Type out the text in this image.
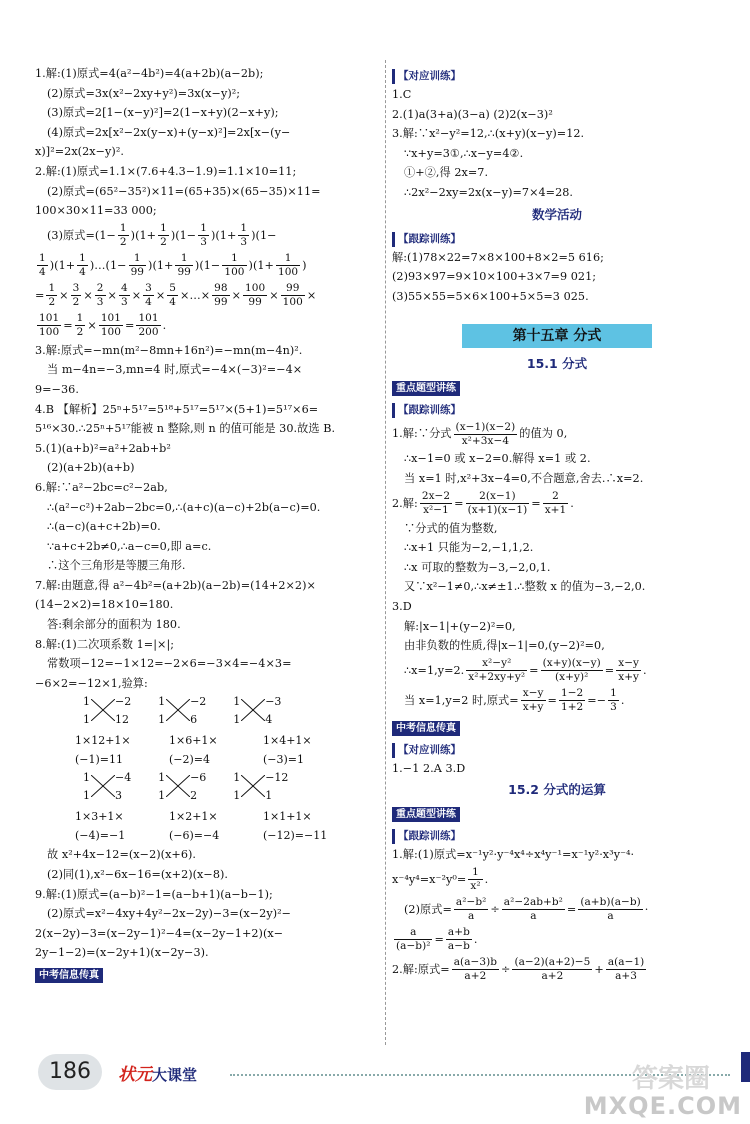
1.解:(1)原式=4(a²−4b²)=4(a+2b)(a−2b);
(2)原式=3x(x²−2xy+y²)=3x(x−y)²;
(3)原式=2[1−(x−y)²]=2(1−x+y)(2−x+y);
(4)原式=2x[x²−2x(y−x)+(y−x)²]=2x[x−(y−
x)]²=2x(2x−y)².
2.解:(1)原式=1.1×(7.6+4.3−1.9)=1.1×10=11;
(2)原式=(65²−35²)×11=(65+35)×(65−35)×11=
100×30×11=33 000;
(3)原式$=(1- \frac{1}{2} )(1+ \frac{1}{2} )(1- \frac{1}{3} )(1+ \frac{1}{3} )(1-$
$\frac{1}{4} )(1+ \frac{1}{4}$ )…(1− $\frac{1}{99} )(1+ \frac{1}{99} )(1- \frac{1}{100} )(1+ \frac{1}{100}$ )
= $\frac{1}{2} \times \frac{3}{2} \times \frac{2}{3} \times \frac{4}{3} \times \frac{3}{4} \times \frac{5}{4}$ ×…× $\frac{98}{99} \times \frac{100}{99} \times \frac{99}{100}$ ×
$\frac{101}{100} = \frac{1}{2} \times \frac{101}{100} = \frac{101}{200}$ .
3.解:原式=−mn(m²−8mn+16n²)=−mn(m−4n)².
当 m−4n=−3,mn=4 时,原式=−4×(−3)²=−4×
9=−36.
4.B 【解析】25ⁿ+5¹⁷=5¹⁸+5¹⁷=5¹⁷×(5+1)=5¹⁷×6=
5¹⁶×30.∴25ⁿ+5¹⁷能被 n 整除,则 n 的值可能是 30.故选 B.
5.(1)(a+b)²=a²+2ab+b²
(2)(a+2b)(a+b)
6.解:∵a²−2bc=c²−2ab,
∴(a²−c²)+2ab−2bc=0,∴(a+c)(a−c)+2b(a−c)=0.
∴(a−c)(a+c+2b)=0.
∵a+c+2b≠0,∴a−c=0,即 a=c.
∴这个三角形是等腰三角形.
7.解:由题意,得 a²−4b²=(a+2b)(a−2b)=(14+2×2)×
(14−2×2)=18×10=180.
答:剩余部分的面积为 180.
8.解:(1)二次项系数 1=|×|;
常数项−12=−1×12=−2×6=−3×4=−4×3=
−6×2=−12×1,验算:
1
1
−2
12

1
1
−2
6

1
1
−3
4
1×12+1×
(−1)=111×6+1×
(−2)=41×4+1×
(−3)=1
1
1
−4
3

1
1
−6
2

1
1
−12
1
1×3+1×
(−4)=−11×2+1×
(−6)=−41×1+1×
(−12)=−11
故 x²+4x−12=(x−2)(x+6).
(2)同(1),x²−6x−16=(x+2)(x−8).
9.解:(1)原式=(a−b)²−1=(a−b+1)(a−b−1);
(2)原式=x²−4xy+4y²−2x−2y)−3=(x−2y)²−
2(x−2y)−3=(x−2y−1)²−4=(x−2y−1+2)(x−
2y−1−2)=(x−2y+1)(x−2y−3).
中考信息传真
【对应训练】
1.C
2.(1)a(3+a)(3−a) (2)2(x−3)²
3.解:∵x²−y²=12,∴(x+y)(x−y)=12.
∵x+y=3①,∴x−y=4②.
①+②,得 2x=7.
∴2x²−2xy=2x(x−y)=7×4=28.
数学活动
【跟踪训练】
解:(1)78×22=7×8×100+8×2=5 616;
(2)93×97=9×10×100+3×7=9 021;
(3)55×55=5×6×100+5×5=3 025.
第十五章 分式
15.1 分式
重点题型讲练
【跟踪训练】
1.解:∵分式 $\frac{(x-1)(x-2)}{\text{x²+3x−4}}$ 的值为 0,
∴x−1=0 或 x−2=0.解得 x=1 或 2.
当 x=1 时,x²+3x−4=0,不合题意,舍去.∴x=2.
2.解: $\frac{2x-2}{\text{x²−1}} = \frac{2(x-1)}{(x+1)(x-1)} = \frac{2}{x+1}$ .
∵分式的值为整数,
∴x+1 只能为−2,−1,1,2.
∴x 可取的整数为−3,−2,0,1.
又∵x²−1≠0,∴x≠±1.∴整数 x 的值为−3,−2,0.
3.D
解:|x−1|+(y−2)²=0,
由非负数的性质,得|x−1|=0,(y−2)²=0,
∴x=1,y=2. $\frac{\text{x²−y²}}{\text{x²+2xy+y²}} = \frac{(x+y)(x-y)}{\text{(x+y)²}} = \frac{x-y}{x+y}$ .
当 x=1,y=2 时,原式= $\frac{x-y}{x+y} = \frac{1-2}{1+2} =- \frac{1}{3}$ .
中考信息传真
【对应训练】
1.−1 2.A 3.D
15.2 分式的运算
重点题型讲练
【跟踪训练】
1.解:(1)原式=x⁻¹y²·y⁻⁴x⁴÷x⁴y⁻¹=x⁻¹y²·x³y⁻⁴·
$x^{-4}y^4=x^{-2}y^0= \frac{1}{\text{x²}}$ .
(2)原式= $\frac{\text{a²−b²}}{a} \div \frac{\text{a²−2ab+b²}}{a} = \frac{(a+b)(a-b)}{a}$ ·
$\frac{a}{\text{(a−b)²}} = \frac{a+b}{a-b}$ .
2.解:原式= $\frac{a(a-3)b}{a+2} \div \frac{(a-2)(a+2)-5}{a+2} + \frac{a(a-1)}{a+3}$
186	状元大课堂	答案圈
MXQE.COM
